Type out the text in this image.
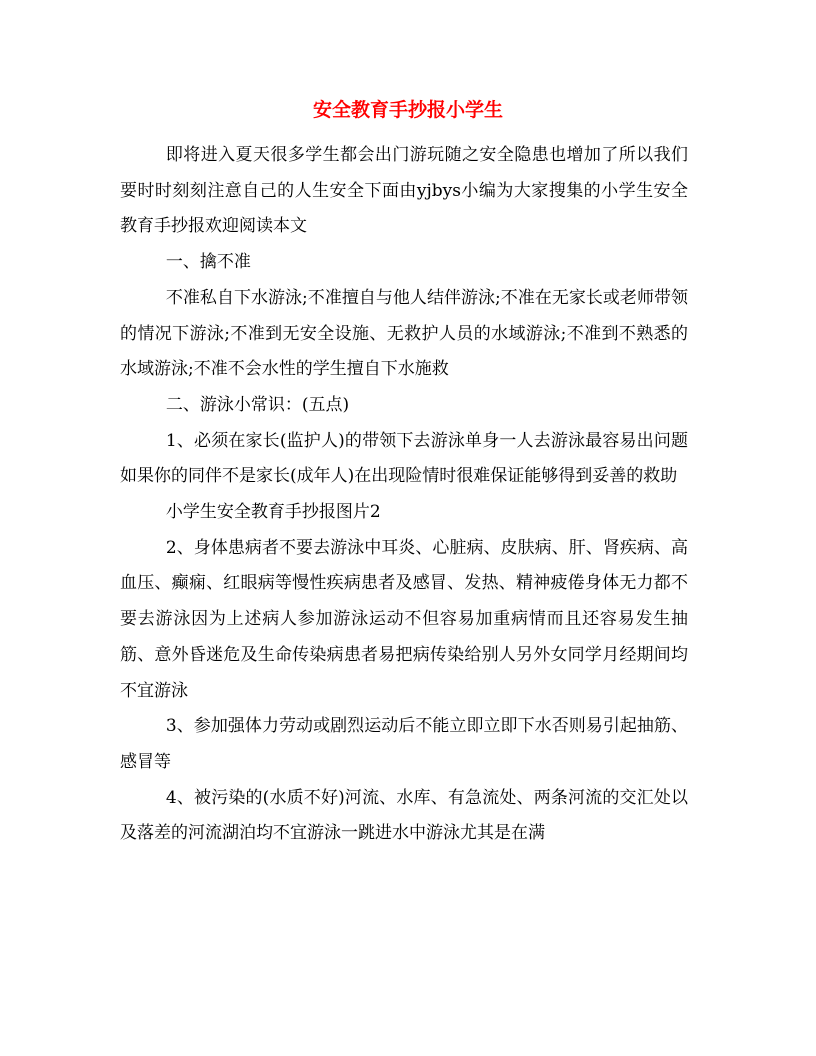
安全教育手抄报小学生

即将进入夏天很多学生都会出门游玩随之安全隐患也增加了所以我们要时时刻刻注意自己的人生安全下面由yjbys小编为大家搜集的小学生安全教育手抄报欢迎阅读本文

一、擒不准

不准私自下水游泳;不准擅自与他人结伴游泳;不准在无家长或老师带领的情况下游泳;不准到无安全设施、无救护人员的水域游泳;不准到不熟悉的水域游泳;不准不会水性的学生擅自下水施救

二、游泳小常识：(五点)

1、必须在家长(监护人)的带领下去游泳单身一人去游泳最容易出问题如果你的同伴不是家长(成年人)在出现险情时很难保证能够得到妥善的救助

小学生安全教育手抄报图片2

2、身体患病者不要去游泳中耳炎、心脏病、皮肤病、肝、肾疾病、高血压、癫痫、红眼病等慢性疾病患者及感冒、发热、精神疲倦身体无力都不要去游泳因为上述病人参加游泳运动不但容易加重病情而且还容易发生抽筋、意外昏迷危及生命传染病患者易把病传染给别人另外女同学月经期间均不宜游泳

3、参加强体力劳动或剧烈运动后不能立即立即下水否则易引起抽筋、感冒等

4、被污染的(水质不好)河流、水库、有急流处、两条河流的交汇处以及落差的河流湖泊均不宜游泳一跳进水中游泳尤其是在满
